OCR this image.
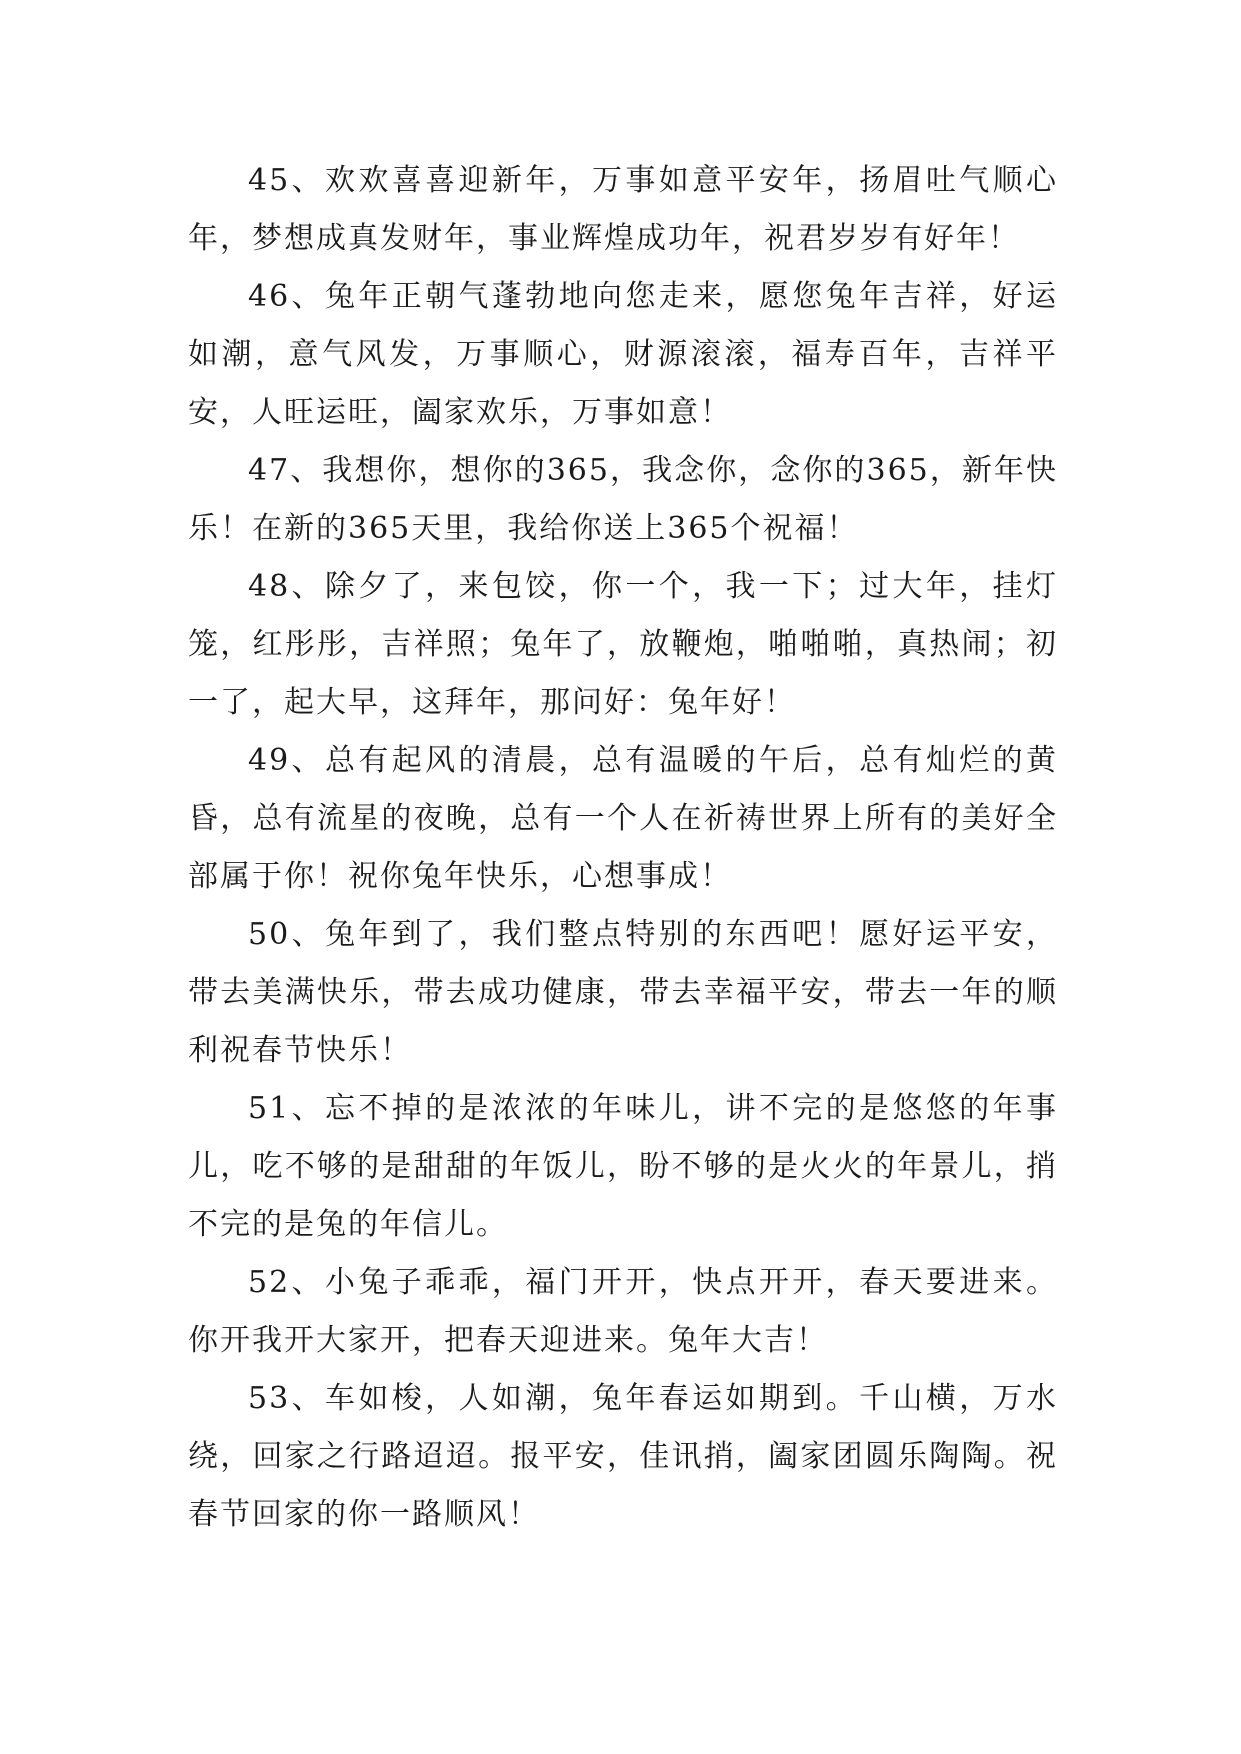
45、欢欢喜喜迎新年，万事如意平安年，扬眉吐气顺心年，梦想成真发财年，事业辉煌成功年，祝君岁岁有好年！

46、兔年正朝气蓬勃地向您走来，愿您兔年吉祥，好运如潮，意气风发，万事顺心，财源滚滚，福寿百年，吉祥平安，人旺运旺，阖家欢乐，万事如意！

47、我想你，想你的365，我念你，念你的365，新年快乐！在新的365天里，我给你送上365个祝福！

48、除夕了，来包饺，你一个，我一下；过大年，挂灯笼，红彤彤，吉祥照；兔年了，放鞭炮，啪啪啪，真热闹；初一了，起大早，这拜年，那问好：兔年好！

49、总有起风的清晨，总有温暖的午后，总有灿烂的黄昏，总有流星的夜晚，总有一个人在祈祷世界上所有的美好全部属于你！祝你兔年快乐，心想事成！

50、兔年到了，我们整点特别的东西吧！愿好运平安，带去美满快乐，带去成功健康，带去幸福平安，带去一年的顺利祝春节快乐！

51、忘不掉的是浓浓的年味儿，讲不完的是悠悠的年事儿，吃不够的是甜甜的年饭儿，盼不够的是火火的年景儿，捎不完的是兔的年信儿。

52、小兔子乖乖，福门开开，快点开开，春天要进来。你开我开大家开，把春天迎进来。兔年大吉！

53、车如梭，人如潮，兔年春运如期到。千山横，万水绕，回家之行路迢迢。报平安，佳讯捎，阖家团圆乐陶陶。祝春节回家的你一路顺风！
